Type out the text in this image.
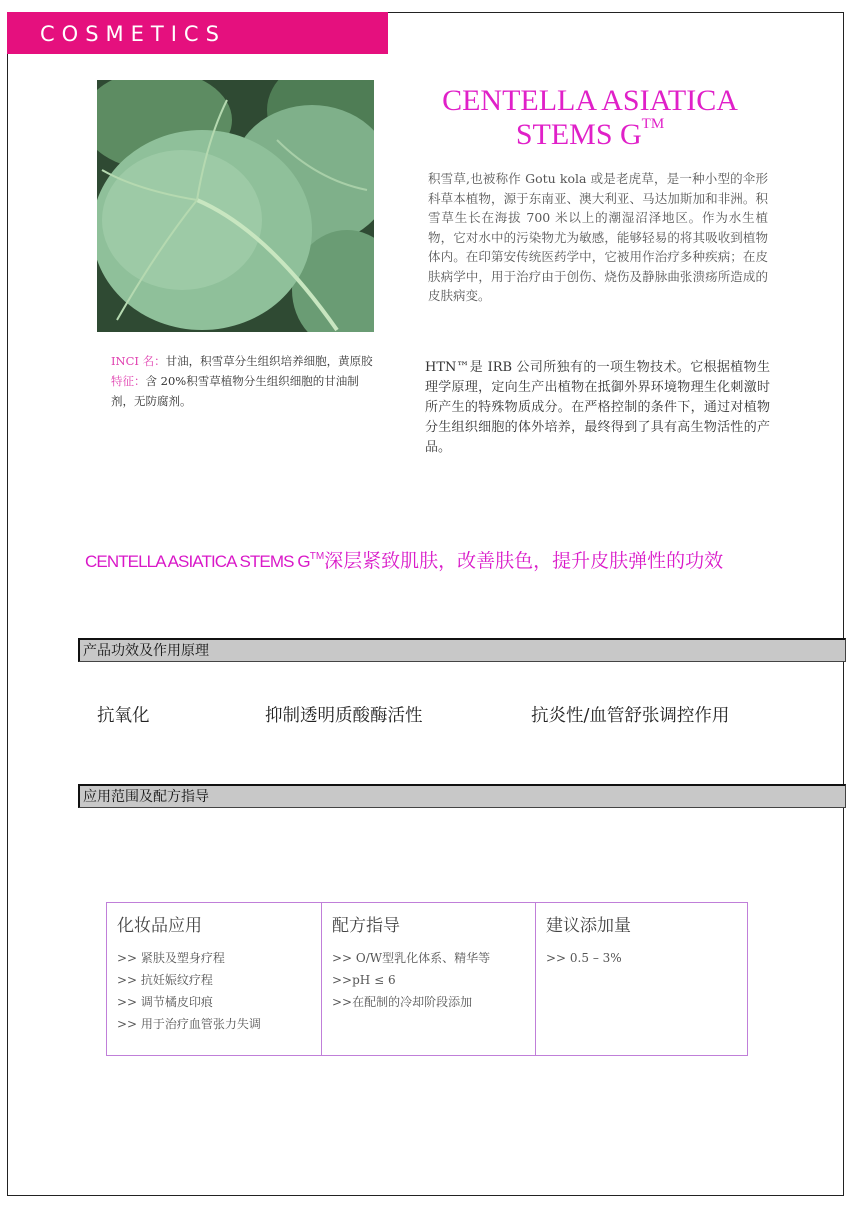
COSMETICS
CENTELLA ASIATICA
STEMS G™
积雪草,也被称作 Gotu kola 或是老虎草，是一种小型的伞形科草本植物，源于东南亚、澳大利亚、马达加斯加和非洲。积雪草生长在海拔 700 米以上的潮湿沼泽地区。作为水生植物，它对水中的污染物尤为敏感，能够轻易的将其吸收到植物体内。在印第安传统医药学中，它被用作治疗多种疾病；在皮肤病学中，用于治疗由于创伤、烧伤及静脉曲张溃疡所造成的皮肤病变。
INCI 名：甘油，积雪草分生组织培养细胞，黄原胶
特征：含 20%积雪草植物分生组织细胞的甘油制剂，无防腐剂。
HTN™是 IRB 公司所独有的一项生物技术。它根据植物生理学原理，定向生产出植物在抵御外界环境物理生化刺激时所产生的特殊物质成分。在严格控制的条件下，通过对植物分生组织细胞的体外培养，最终得到了具有高生物活性的产品。
CENTELLA ASIATICA STEMS G™深层紧致肌肤，改善肤色，提升皮肤弹性的功效
产品功效及作用原理
抗氧化	抑制透明质酸酶活性	抗炎性/血管舒张调控作用
应用范围及配方指导
化妆品应用
>> 紧肤及塑身疗程
>> 抗妊娠纹疗程
>> 调节橘皮印痕
>> 用于治疗血管张力失调
配方指导
>> O/W型乳化体系、精华等
>>pH ≤ 6
>>在配制的冷却阶段添加
建议添加量
>> 0.5 – 3%
